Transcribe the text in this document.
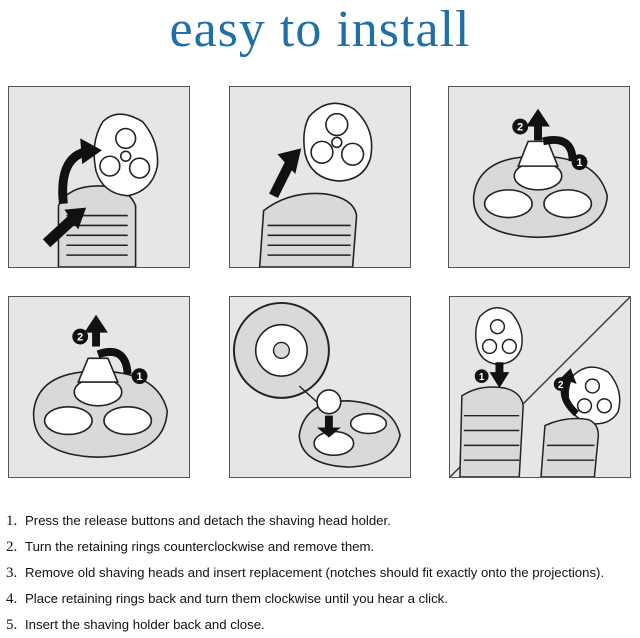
easy to install
2
1
2
1	1
2
1. Press the release buttons and detach the shaving head holder.
2. Turn the retaining rings counterclockwise and remove them.
3. Remove old shaving heads and insert replacement (notches should fit exactly onto the projections).
4. Place retaining rings back and turn them clockwise until you hear a click.
5. Insert the shaving holder back and close.
